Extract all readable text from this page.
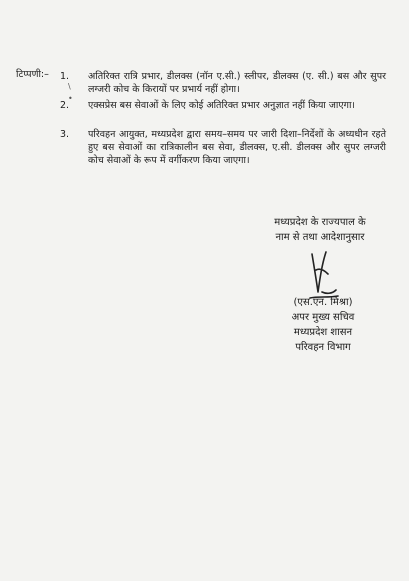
टिप्पणी:– 1.	अतिरिक्त रात्रि प्रभार, डीलक्स (नॉन ए.सी.) स्लीपर, डीलक्स (ए. सी.) बस और सुपर लग्जरी कोच के किरायों पर प्रभार्य नहीं होगा।
\
•
2.	एक्सप्रेस बस सेवाओं के लिए कोई अतिरिक्त प्रभार अनुज्ञात नहीं किया जाएगा।
3.	परिवहन आयुक्त, मध्यप्रदेश द्वारा समय–समय पर जारी दिशा–निर्देशों के अध्यधीन रहते हुए बस सेवाओं का रात्रिकालीन बस सेवा, डीलक्स, ए.सी. डीलक्स और सुपर लग्जरी कोच सेवाओं के रूप में वर्गीकरण किया जाएगा।
मध्यप्रदेश के राज्यपाल के
नाम से तथा आदेशानुसार
(एस.एन. मिश्रा)
अपर मुख्य सचिव
मध्यप्रदेश शासन
परिवहन विभाग
